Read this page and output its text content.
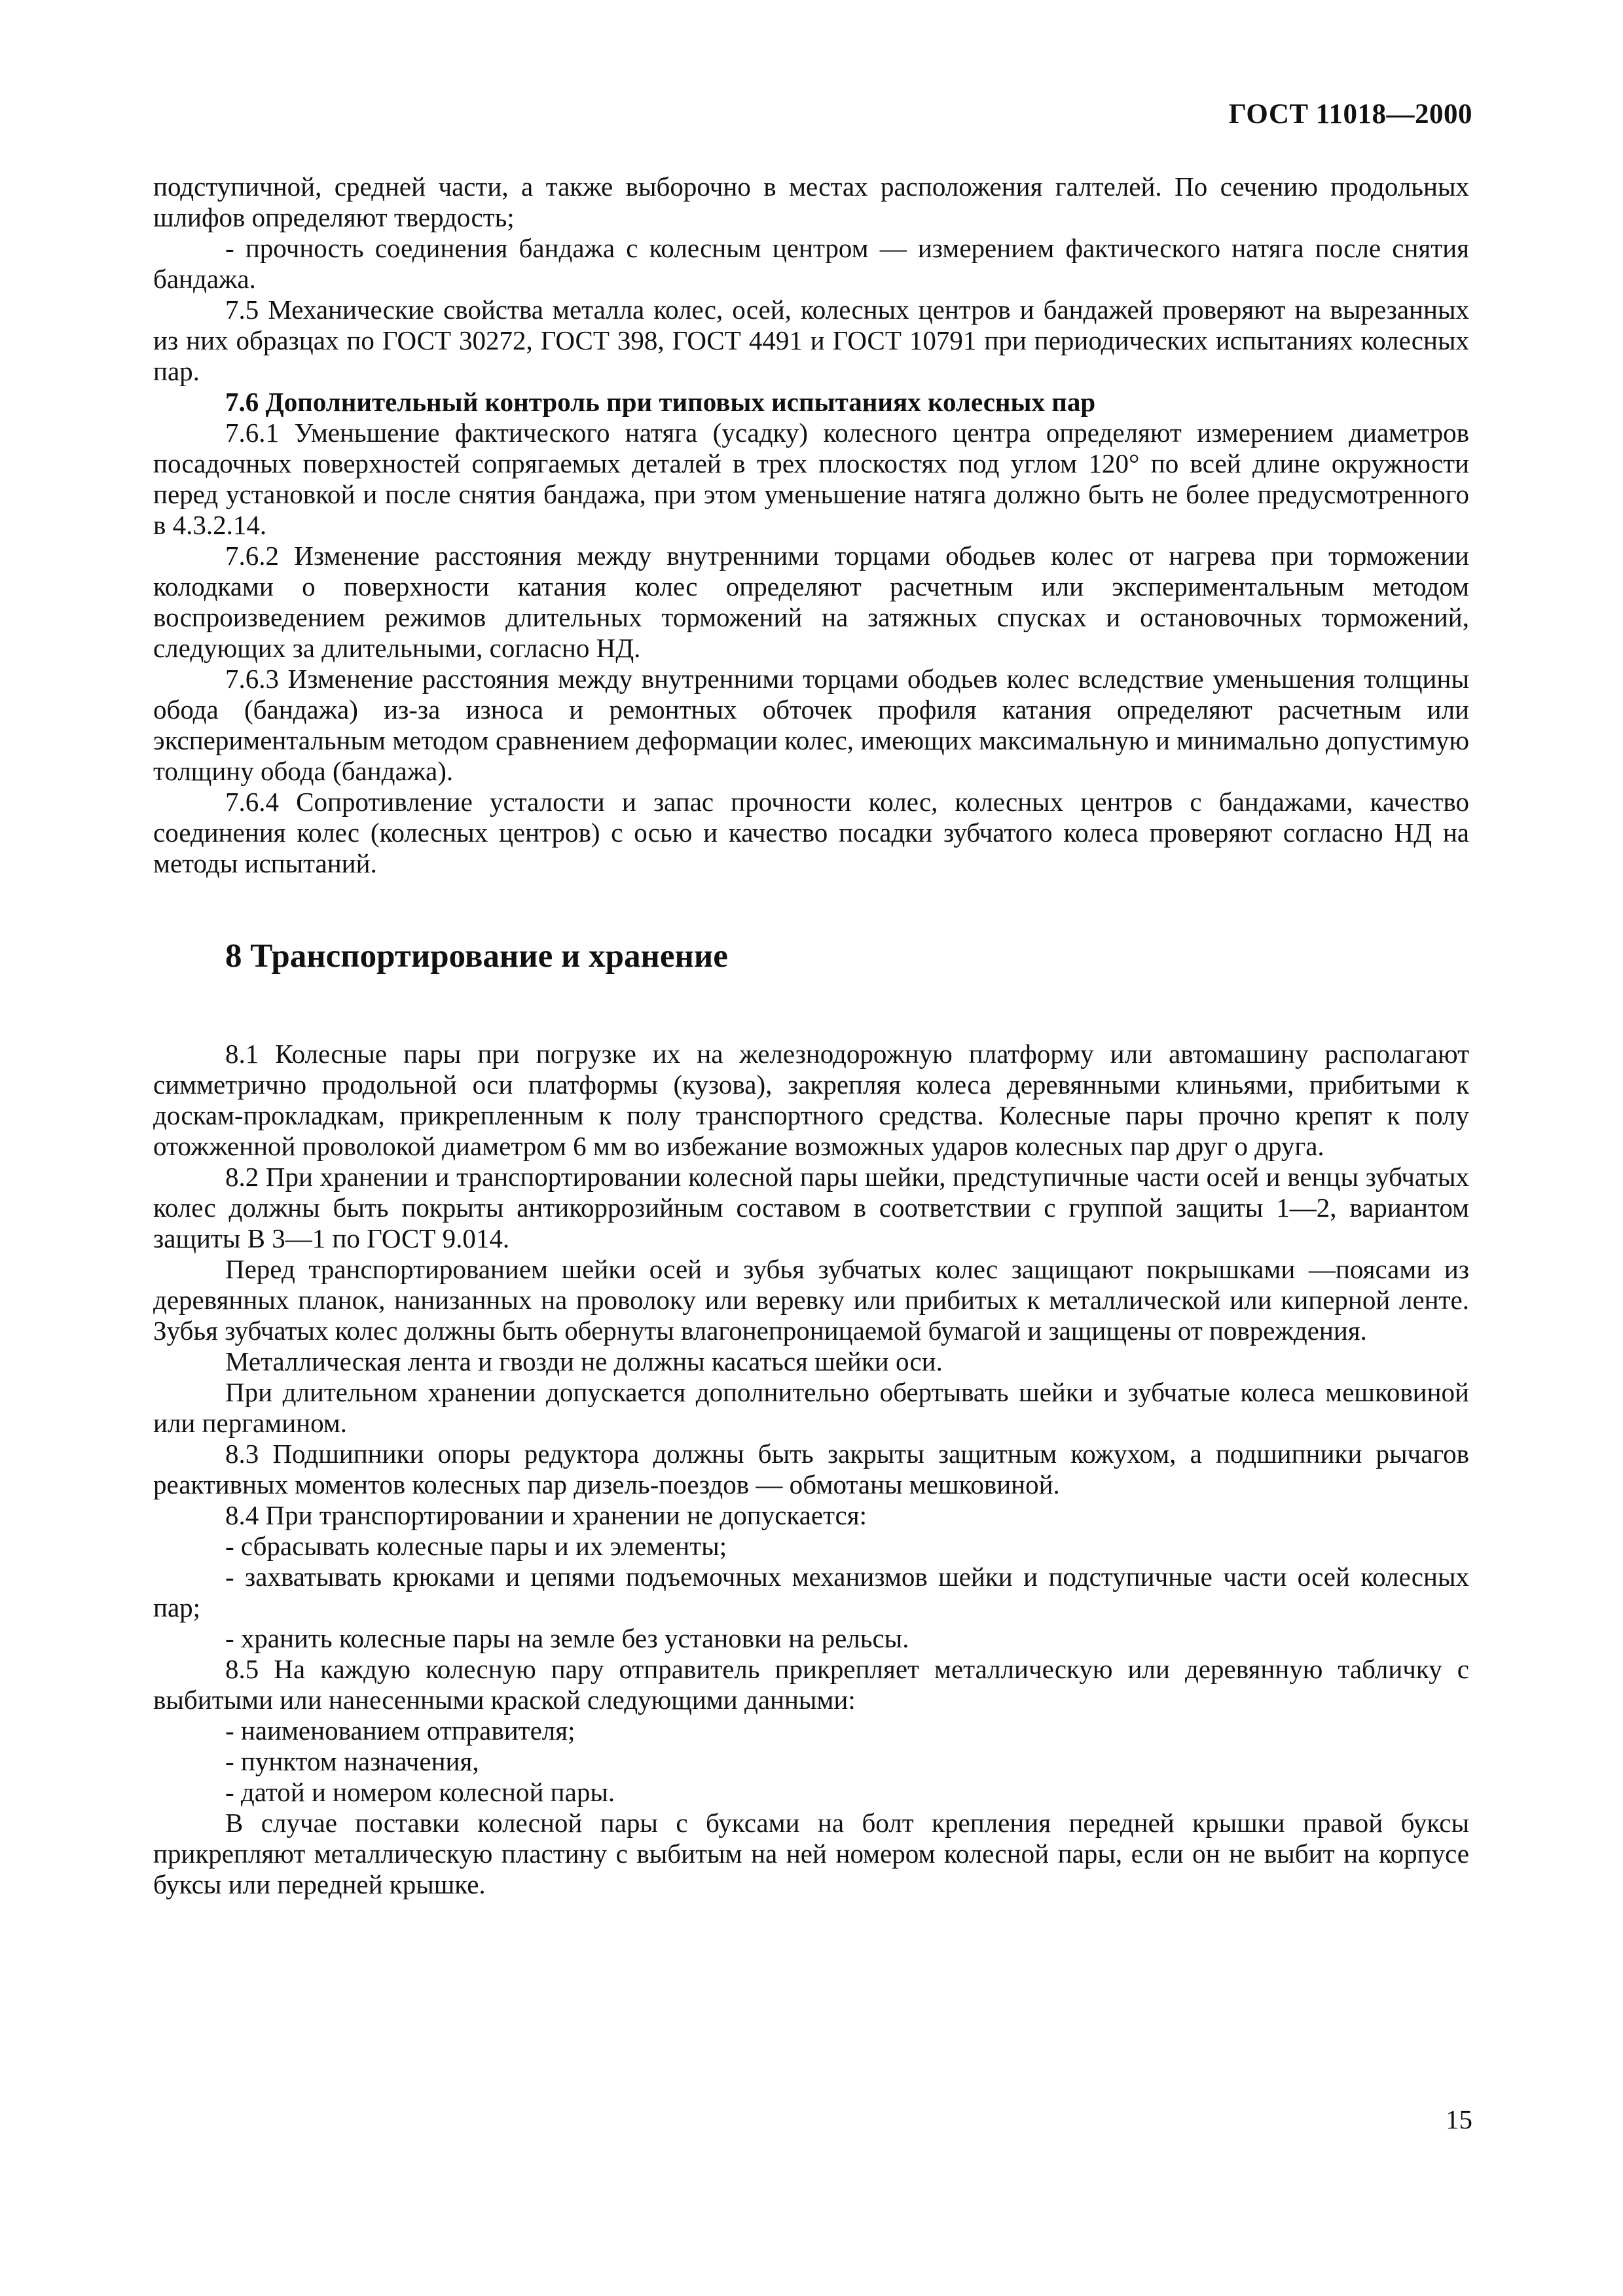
ГОСТ 11018—2000

подступичной, средней части, а также выборочно в местах расположения галтелей. По сечению продольных шлифов определяют твердость;

- прочность соединения бандажа с колесным центром — измерением фактического натяга после снятия бандажа.

7.5 Механические свойства металла колес, осей, колесных центров и бандажей проверяют на вырезанных из них образцах по ГОСТ 30272, ГОСТ 398, ГОСТ 4491 и ГОСТ 10791 при периодических испытаниях колесных пар.

7.6 Дополнительный контроль при типовых испытаниях колесных пар

7.6.1 Уменьшение фактического натяга (усадку) колесного центра определяют измерением диаметров посадочных поверхностей сопрягаемых деталей в трех плоскостях под углом 120° по всей длине окружности перед установкой и после снятия бандажа, при этом уменьшение натяга должно быть не более предусмотренного в 4.3.2.14.

7.6.2 Изменение расстояния между внутренними торцами ободьев колес от нагрева при торможении колодками о поверхности катания колес определяют расчетным или экспериментальным методом воспроизведением режимов длительных торможений на затяжных спусках и остановочных торможений, следующих за длительными, согласно НД.

7.6.3 Изменение расстояния между внутренними торцами ободьев колес вследствие уменьшения толщины обода (бандажа) из-за износа и ремонтных обточек профиля катания определяют расчетным или экспериментальным методом сравнением деформации колес, имеющих максимальную и минимально допустимую толщину обода (бандажа).

7.6.4 Сопротивление усталости и запас прочности колес, колесных центров с бандажами, качество соединения колес (колесных центров) с осью и качество посадки зубчатого колеса проверяют согласно НД на методы испытаний.

8 Транспортирование и хранение

8.1 Колесные пары при погрузке их на железнодорожную платформу или автомашину располагают симметрично продольной оси платформы (кузова), закрепляя колеса деревянными клиньями, прибитыми к доскам-прокладкам, прикрепленным к полу транспортного средства. Колесные пары прочно крепят к полу отожженной проволокой диаметром 6 мм во избежание возможных ударов колесных пар друг о друга.

8.2 При хранении и транспортировании колесной пары шейки, предступичные части осей и венцы зубчатых колес должны быть покрыты антикоррозийным составом в соответствии с группой защиты 1—2, вариантом защиты В 3—1 по ГОСТ 9.014.

Перед транспортированием шейки осей и зубья зубчатых колес защищают покрышками —поясами из деревянных планок, нанизанных на проволоку или веревку или прибитых к металлической или киперной ленте. Зубья зубчатых колес должны быть обернуты влагонепроницаемой бумагой и защищены от повреждения.

Металлическая лента и гвозди не должны касаться шейки оси.

При длительном хранении допускается дополнительно обертывать шейки и зубчатые колеса мешковиной или пергамином.

8.3 Подшипники опоры редуктора должны быть закрыты защитным кожухом, а подшипники рычагов реактивных моментов колесных пар дизель-поездов — обмотаны мешковиной.

8.4 При транспортировании и хранении не допускается:

- сбрасывать колесные пары и их элементы;

- захватывать крюками и цепями подъемочных механизмов шейки и подступичные части осей колесных пар;

- хранить колесные пары на земле без установки на рельсы.

8.5 На каждую колесную пару отправитель прикрепляет металлическую или деревянную табличку с выбитыми или нанесенными краской следующими данными:

- наименованием отправителя;

- пунктом назначения,

- датой и номером колесной пары.

В случае поставки колесной пары с буксами на болт крепления передней крышки правой буксы прикрепляют металлическую пластину с выбитым на ней номером колесной пары, если он не выбит на корпусе буксы или передней крышке.

15
